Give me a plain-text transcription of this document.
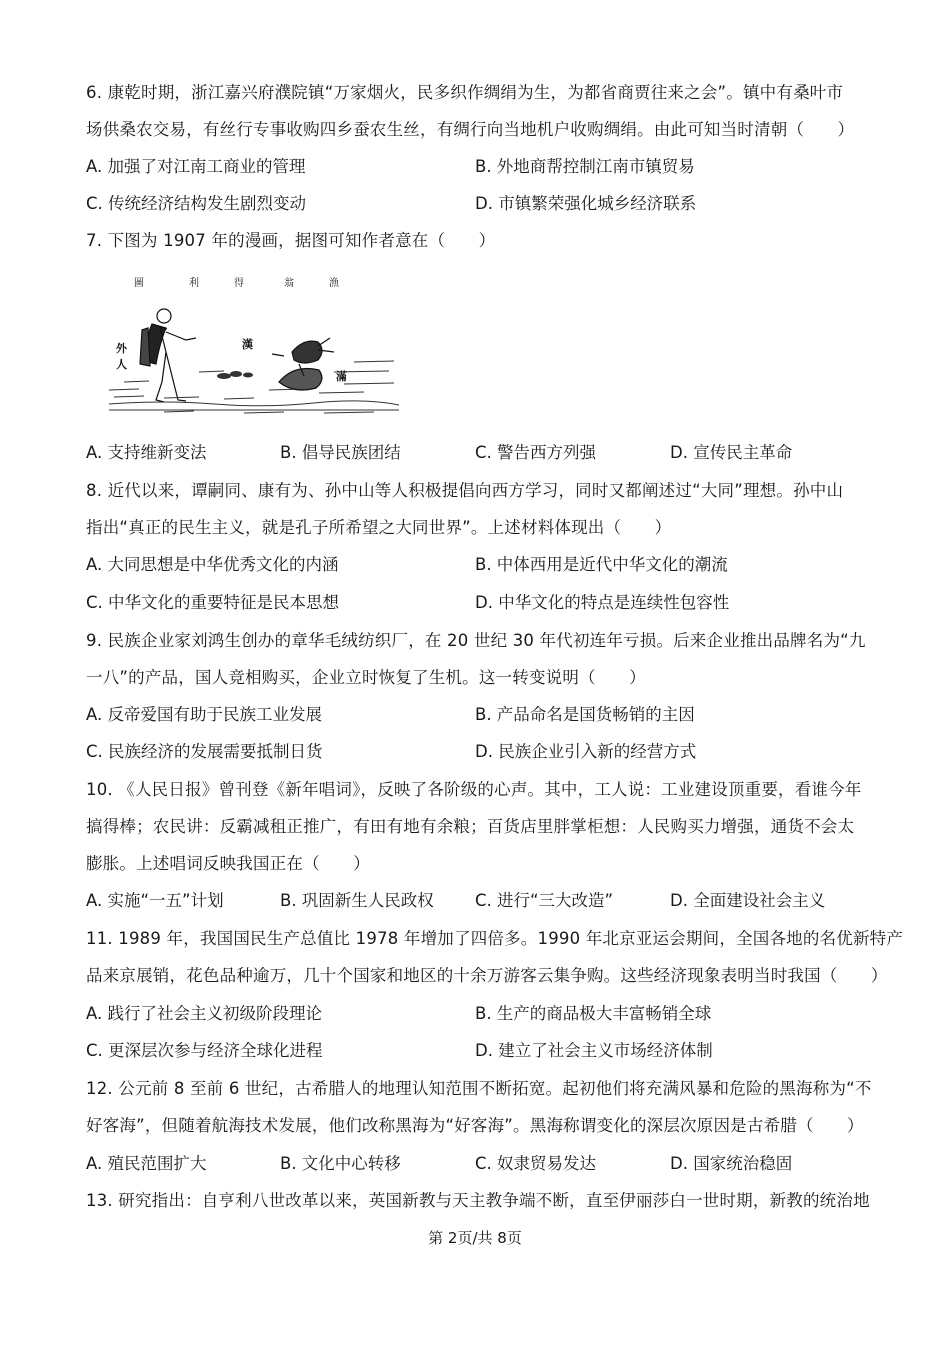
6. 康乾时期，浙江嘉兴府濮院镇“万家烟火，民多织作绸绢为生，为都省商贾往来之会”。镇中有桑叶市
场供桑农交易，有丝行专事收购四乡蚕农生丝，有绸行向当地机户收购绸绢。由此可知当时清朝（　　）
A. 加强了对江南工商业的管理	B. 外地商帮控制江南市镇贸易
C. 传统经济结构发生剧烈变动	D. 市镇繁荣强化城乡经济联系
7. 下图为 1907 年的漫画，据图可知作者意在（　　）
圖	利	得	翁	漁
外
人
漢
滿
A. 支持维新变法	B. 倡导民族团结	C. 警告西方列强	D. 宣传民主革命
8. 近代以来，谭嗣同、康有为、孙中山等人积极提倡向西方学习，同时又都阐述过“大同”理想。孙中山
指出“真正的民生主义，就是孔子所希望之大同世界”。上述材料体现出（　　）
A. 大同思想是中华优秀文化的内涵	B. 中体西用是近代中华文化的潮流
C. 中华文化的重要特征是民本思想	D. 中华文化的特点是连续性包容性
9. 民族企业家刘鸿生创办的章华毛绒纺织厂，在 20 世纪 30 年代初连年亏损。后来企业推出品牌名为“九
一八”的产品，国人竞相购买，企业立时恢复了生机。这一转变说明（　　）
A. 反帝爱国有助于民族工业发展	B. 产品命名是国货畅销的主因
C. 民族经济的发展需要抵制日货	D. 民族企业引入新的经营方式
10. 《人民日报》曾刊登《新年唱词》，反映了各阶级的心声。其中，工人说：工业建设顶重要，看谁今年
搞得棒；农民讲：反霸减租正推广，有田有地有余粮；百货店里胖掌柜想：人民购买力增强，通货不会太
膨胀。上述唱词反映我国正在（　　）
A. 实施“一五”计划	B. 巩固新生人民政权 C. 进行“三大改造”	D. 全面建设社会主义
11. 1989 年，我国国民生产总值比 1978 年增加了四倍多。1990 年北京亚运会期间，全国各地的名优新特产
品来京展销，花色品种逾万，几十个国家和地区的十余万游客云集争购。这些经济现象表明当时我国（　　）
A. 践行了社会主义初级阶段理论	B. 生产的商品极大丰富畅销全球
C. 更深层次参与经济全球化进程	D. 建立了社会主义市场经济体制
12. 公元前 8 至前 6 世纪，古希腊人的地理认知范围不断拓宽。起初他们将充满风暴和危险的黑海称为“不
好客海”，但随着航海技术发展，他们改称黑海为“好客海”。黑海称谓变化的深层次原因是古希腊（　　）
A. 殖民范围扩大	B. 文化中心转移	C. 奴隶贸易发达	D. 国家统治稳固
13. 研究指出：自亨利八世改革以来，英国新教与天主教争端不断，直至伊丽莎白一世时期，新教的统治地
第 2页/共 8页
